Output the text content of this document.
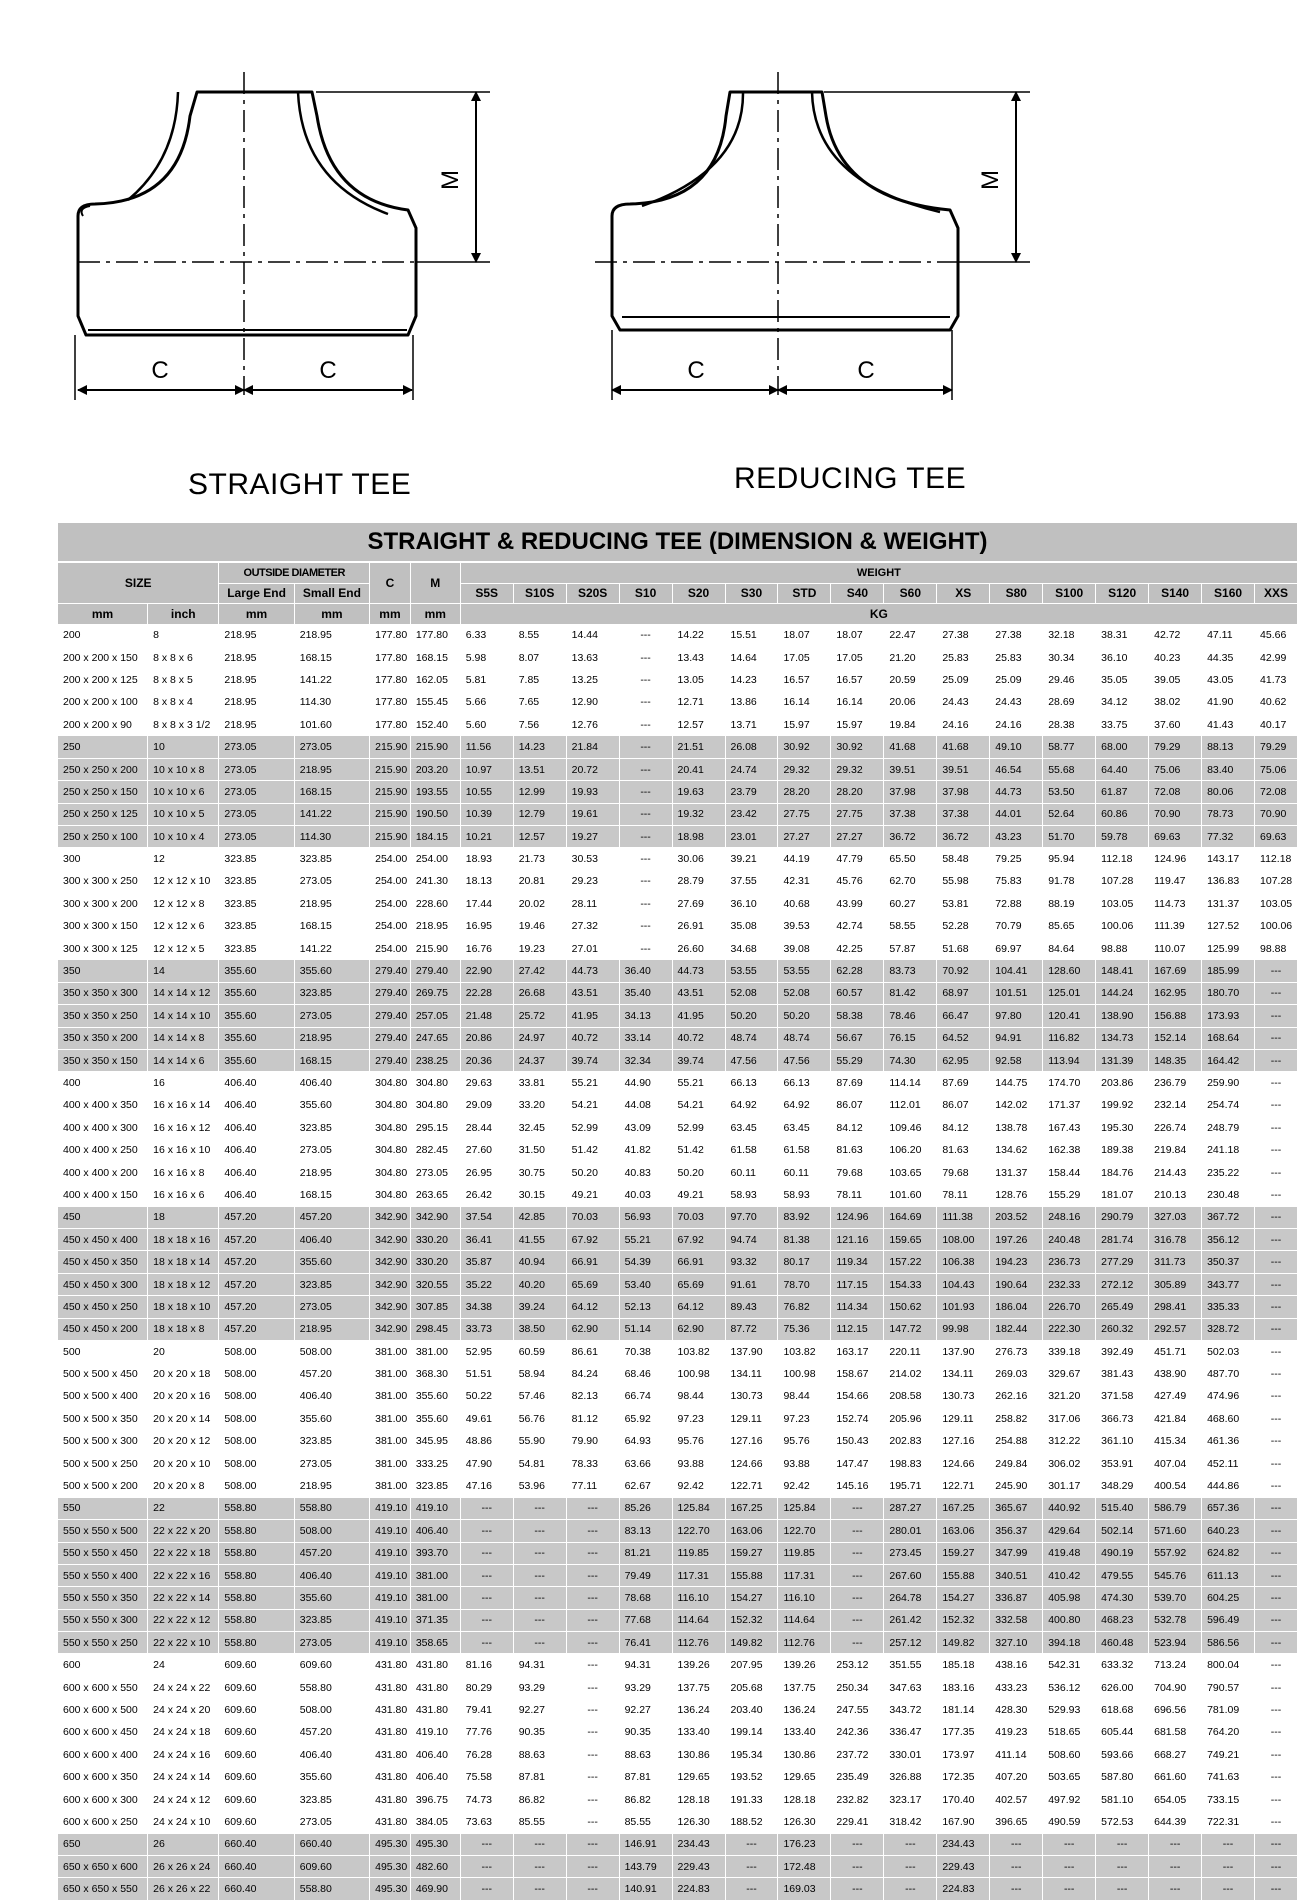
M
C	C
M
C	C
STRAIGHT TEE	REDUCING TEE
STRAIGHT & REDUCING TEE (DIMENSION & WEIGHT)																					
SIZE		OUTSIDE DIAMETER		C	M	WEIGHT															
		Large End	Small End			S5S	S10S	S20S	S10	S20	S30	STD	S40	S60	XS	S80	S100	S120	S140	S160	XXS
mm	inch	mm	mm	mm	mm	KG															
200	8	218.95	218.95	177.80	177.80	6.33	8.55	14.44	---	14.22	15.51	18.07	18.07	22.47	27.38	27.38	32.18	38.31	42.72	47.11	45.66
200 x 200 x 150	8 x 8 x 6	218.95	168.15	177.80	168.15	5.98	8.07	13.63	---	13.43	14.64	17.05	17.05	21.20	25.83	25.83	30.34	36.10	40.23	44.35	42.99
200 x 200 x 125	8 x 8 x 5	218.95	141.22	177.80	162.05	5.81	7.85	13.25	---	13.05	14.23	16.57	16.57	20.59	25.09	25.09	29.46	35.05	39.05	43.05	41.73
200 x 200 x 100	8 x 8 x 4	218.95	114.30	177.80	155.45	5.66	7.65	12.90	---	12.71	13.86	16.14	16.14	20.06	24.43	24.43	28.69	34.12	38.02	41.90	40.62
200 x 200 x 90	8 x 8 x 3 1/2	218.95	101.60	177.80	152.40	5.60	7.56	12.76	---	12.57	13.71	15.97	15.97	19.84	24.16	24.16	28.38	33.75	37.60	41.43	40.17
250	10	273.05	273.05	215.90	215.90	11.56	14.23	21.84	---	21.51	26.08	30.92	30.92	41.68	41.68	49.10	58.77	68.00	79.29	88.13	79.29
250 x 250 x 200	10 x 10 x 8	273.05	218.95	215.90	203.20	10.97	13.51	20.72	---	20.41	24.74	29.32	29.32	39.51	39.51	46.54	55.68	64.40	75.06	83.40	75.06
250 x 250 x 150	10 x 10 x 6	273.05	168.15	215.90	193.55	10.55	12.99	19.93	---	19.63	23.79	28.20	28.20	37.98	37.98	44.73	53.50	61.87	72.08	80.06	72.08
250 x 250 x 125	10 x 10 x 5	273.05	141.22	215.90	190.50	10.39	12.79	19.61	---	19.32	23.42	27.75	27.75	37.38	37.38	44.01	52.64	60.86	70.90	78.73	70.90
250 x 250 x 100	10 x 10 x 4	273.05	114.30	215.90	184.15	10.21	12.57	19.27	---	18.98	23.01	27.27	27.27	36.72	36.72	43.23	51.70	59.78	69.63	77.32	69.63
300	12	323.85	323.85	254.00	254.00	18.93	21.73	30.53	---	30.06	39.21	44.19	47.79	65.50	58.48	79.25	95.94	112.18	124.96	143.17	112.18
300 x 300 x 250	12 x 12 x 10	323.85	273.05	254.00	241.30	18.13	20.81	29.23	---	28.79	37.55	42.31	45.76	62.70	55.98	75.83	91.78	107.28	119.47	136.83	107.28
300 x 300 x 200	12 x 12 x 8	323.85	218.95	254.00	228.60	17.44	20.02	28.11	---	27.69	36.10	40.68	43.99	60.27	53.81	72.88	88.19	103.05	114.73	131.37	103.05
300 x 300 x 150	12 x 12 x 6	323.85	168.15	254.00	218.95	16.95	19.46	27.32	---	26.91	35.08	39.53	42.74	58.55	52.28	70.79	85.65	100.06	111.39	127.52	100.06
300 x 300 x 125	12 x 12 x 5	323.85	141.22	254.00	215.90	16.76	19.23	27.01	---	26.60	34.68	39.08	42.25	57.87	51.68	69.97	84.64	98.88	110.07	125.99	98.88
350	14	355.60	355.60	279.40	279.40	22.90	27.42	44.73	36.40	44.73	53.55	53.55	62.28	83.73	70.92	104.41	128.60	148.41	167.69	185.99	---
350 x 350 x 300	14 x 14 x 12	355.60	323.85	279.40	269.75	22.28	26.68	43.51	35.40	43.51	52.08	52.08	60.57	81.42	68.97	101.51	125.01	144.24	162.95	180.70	---
350 x 350 x 250	14 x 14 x 10	355.60	273.05	279.40	257.05	21.48	25.72	41.95	34.13	41.95	50.20	50.20	58.38	78.46	66.47	97.80	120.41	138.90	156.88	173.93	---
350 x 350 x 200	14 x 14 x 8	355.60	218.95	279.40	247.65	20.86	24.97	40.72	33.14	40.72	48.74	48.74	56.67	76.15	64.52	94.91	116.82	134.73	152.14	168.64	---
350 x 350 x 150	14 x 14 x 6	355.60	168.15	279.40	238.25	20.36	24.37	39.74	32.34	39.74	47.56	47.56	55.29	74.30	62.95	92.58	113.94	131.39	148.35	164.42	---
400	16	406.40	406.40	304.80	304.80	29.63	33.81	55.21	44.90	55.21	66.13	66.13	87.69	114.14	87.69	144.75	174.70	203.86	236.79	259.90	---
400 x 400 x 350	16 x 16 x 14	406.40	355.60	304.80	304.80	29.09	33.20	54.21	44.08	54.21	64.92	64.92	86.07	112.01	86.07	142.02	171.37	199.92	232.14	254.74	---
400 x 400 x 300	16 x 16 x 12	406.40	323.85	304.80	295.15	28.44	32.45	52.99	43.09	52.99	63.45	63.45	84.12	109.46	84.12	138.78	167.43	195.30	226.74	248.79	---
400 x 400 x 250	16 x 16 x 10	406.40	273.05	304.80	282.45	27.60	31.50	51.42	41.82	51.42	61.58	61.58	81.63	106.20	81.63	134.62	162.38	189.38	219.84	241.18	---
400 x 400 x 200	16 x 16 x 8	406.40	218.95	304.80	273.05	26.95	30.75	50.20	40.83	50.20	60.11	60.11	79.68	103.65	79.68	131.37	158.44	184.76	214.43	235.22	---
400 x 400 x 150	16 x 16 x 6	406.40	168.15	304.80	263.65	26.42	30.15	49.21	40.03	49.21	58.93	58.93	78.11	101.60	78.11	128.76	155.29	181.07	210.13	230.48	---
450	18	457.20	457.20	342.90	342.90	37.54	42.85	70.03	56.93	70.03	97.70	83.92	124.96	164.69	111.38	203.52	248.16	290.79	327.03	367.72	---
450 x 450 x 400	18 x 18 x 16	457.20	406.40	342.90	330.20	36.41	41.55	67.92	55.21	67.92	94.74	81.38	121.16	159.65	108.00	197.26	240.48	281.74	316.78	356.12	---
450 x 450 x 350	18 x 18 x 14	457.20	355.60	342.90	330.20	35.87	40.94	66.91	54.39	66.91	93.32	80.17	119.34	157.22	106.38	194.23	236.73	277.29	311.73	350.37	---
450 x 450 x 300	18 x 18 x 12	457.20	323.85	342.90	320.55	35.22	40.20	65.69	53.40	65.69	91.61	78.70	117.15	154.33	104.43	190.64	232.33	272.12	305.89	343.77	---
450 x 450 x 250	18 x 18 x 10	457.20	273.05	342.90	307.85	34.38	39.24	64.12	52.13	64.12	89.43	76.82	114.34	150.62	101.93	186.04	226.70	265.49	298.41	335.33	---
450 x 450 x 200	18 x 18 x 8	457.20	218.95	342.90	298.45	33.73	38.50	62.90	51.14	62.90	87.72	75.36	112.15	147.72	99.98	182.44	222.30	260.32	292.57	328.72	---
500	20	508.00	508.00	381.00	381.00	52.95	60.59	86.61	70.38	103.82	137.90	103.82	163.17	220.11	137.90	276.73	339.18	392.49	451.71	502.03	---
500 x 500 x 450	20 x 20 x 18	508.00	457.20	381.00	368.30	51.51	58.94	84.24	68.46	100.98	134.11	100.98	158.67	214.02	134.11	269.03	329.67	381.43	438.90	487.70	---
500 x 500 x 400	20 x 20 x 16	508.00	406.40	381.00	355.60	50.22	57.46	82.13	66.74	98.44	130.73	98.44	154.66	208.58	130.73	262.16	321.20	371.58	427.49	474.96	---
500 x 500 x 350	20 x 20 x 14	508.00	355.60	381.00	355.60	49.61	56.76	81.12	65.92	97.23	129.11	97.23	152.74	205.96	129.11	258.82	317.06	366.73	421.84	468.60	---
500 x 500 x 300	20 x 20 x 12	508.00	323.85	381.00	345.95	48.86	55.90	79.90	64.93	95.76	127.16	95.76	150.43	202.83	127.16	254.88	312.22	361.10	415.34	461.36	---
500 x 500 x 250	20 x 20 x 10	508.00	273.05	381.00	333.25	47.90	54.81	78.33	63.66	93.88	124.66	93.88	147.47	198.83	124.66	249.84	306.02	353.91	407.04	452.11	---
500 x 500 x 200	20 x 20 x 8	508.00	218.95	381.00	323.85	47.16	53.96	77.11	62.67	92.42	122.71	92.42	145.16	195.71	122.71	245.90	301.17	348.29	400.54	444.86	---
550	22	558.80	558.80	419.10	419.10	---	---	---	85.26	125.84	167.25	125.84	---	287.27	167.25	365.67	440.92	515.40	586.79	657.36	---
550 x 550 x 500	22 x 22 x 20	558.80	508.00	419.10	406.40	---	---	---	83.13	122.70	163.06	122.70	---	280.01	163.06	356.37	429.64	502.14	571.60	640.23	---
550 x 550 x 450	22 x 22 x 18	558.80	457.20	419.10	393.70	---	---	---	81.21	119.85	159.27	119.85	---	273.45	159.27	347.99	419.48	490.19	557.92	624.82	---
550 x 550 x 400	22 x 22 x 16	558.80	406.40	419.10	381.00	---	---	---	79.49	117.31	155.88	117.31	---	267.60	155.88	340.51	410.42	479.55	545.76	611.13	---
550 x 550 x 350	22 x 22 x 14	558.80	355.60	419.10	381.00	---	---	---	78.68	116.10	154.27	116.10	---	264.78	154.27	336.87	405.98	474.30	539.70	604.25	---
550 x 550 x 300	22 x 22 x 12	558.80	323.85	419.10	371.35	---	---	---	77.68	114.64	152.32	114.64	---	261.42	152.32	332.58	400.80	468.23	532.78	596.49	---
550 x 550 x 250	22 x 22 x 10	558.80	273.05	419.10	358.65	---	---	---	76.41	112.76	149.82	112.76	---	257.12	149.82	327.10	394.18	460.48	523.94	586.56	---
600	24	609.60	609.60	431.80	431.80	81.16	94.31	---	94.31	139.26	207.95	139.26	253.12	351.55	185.18	438.16	542.31	633.32	713.24	800.04	---
600 x 600 x 550	24 x 24 x 22	609.60	558.80	431.80	431.80	80.29	93.29	---	93.29	137.75	205.68	137.75	250.34	347.63	183.16	433.23	536.12	626.00	704.90	790.57	---
600 x 600 x 500	24 x 24 x 20	609.60	508.00	431.80	431.80	79.41	92.27	---	92.27	136.24	203.40	136.24	247.55	343.72	181.14	428.30	529.93	618.68	696.56	781.09	---
600 x 600 x 450	24 x 24 x 18	609.60	457.20	431.80	419.10	77.76	90.35	---	90.35	133.40	199.14	133.40	242.36	336.47	177.35	419.23	518.65	605.44	681.58	764.20	---
600 x 600 x 400	24 x 24 x 16	609.60	406.40	431.80	406.40	76.28	88.63	---	88.63	130.86	195.34	130.86	237.72	330.01	173.97	411.14	508.60	593.66	668.27	749.21	---
600 x 600 x 350	24 x 24 x 14	609.60	355.60	431.80	406.40	75.58	87.81	---	87.81	129.65	193.52	129.65	235.49	326.88	172.35	407.20	503.65	587.80	661.60	741.63	---
600 x 600 x 300	24 x 24 x 12	609.60	323.85	431.80	396.75	74.73	86.82	---	86.82	128.18	191.33	128.18	232.82	323.17	170.40	402.57	497.92	581.10	654.05	733.15	---
600 x 600 x 250	24 x 24 x 10	609.60	273.05	431.80	384.05	73.63	85.55	---	85.55	126.30	188.52	126.30	229.41	318.42	167.90	396.65	490.59	572.53	644.39	722.31	---
650	26	660.40	660.40	495.30	495.30	---	---	---	146.91	234.43	---	176.23	---	---	234.43	---	---	---	---	---	---
650 x 650 x 600	26 x 26 x 24	660.40	609.60	495.30	482.60	---	---	---	143.79	229.43	---	172.48	---	---	229.43	---	---	---	---	---	---
650 x 650 x 550	26 x 26 x 22	660.40	558.80	495.30	469.90	---	---	---	140.91	224.83	---	169.03	---	---	224.83	---	---	---	---	---	---
